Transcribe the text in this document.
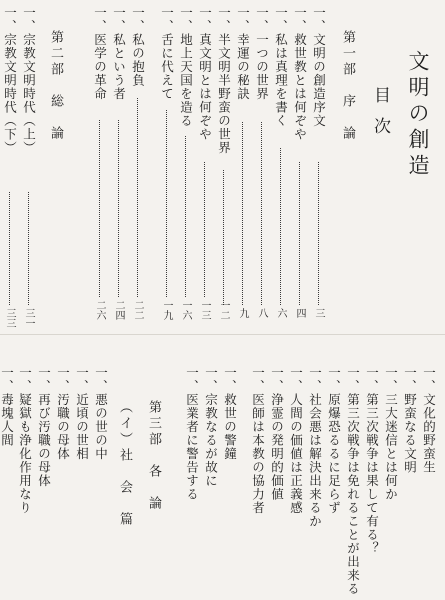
文明の創造
目次
第一部　序　論
第二部　総　論	一、文明の創造序文
三
一、救世教とは何ぞや
四
一、私は真理を書く
六
一、一つの世界
八
一、幸運の秘訣
九
一、半文明半野蛮の世界
一二
一、真文明とは何ぞや
一三
一、地上天国を造る
一六
一、舌に代えて
一九
一、私の抱負
二二
一、私という者
二四
一、医学の革命
二六
一、宗教文明時代（上）
三一
一、宗教文明時代（下）
三三
第三部　各　論
（イ）社　会　篇	一、文化的野蛮生
一、野蛮なる文明
一、三大迷信とは何か
一、第三次戦争は果して有る？
一、第三次戦争は免れることが出来る
一、原爆恐るるに足らず
一、社会悪は解決出来るか
一、人間の価値は正義感
一、浄霊の発明的価値
一、医師は本教の協力者
一、救世の警鐘
一、宗教なるが故に
一、医業者に警告する
一、悪の世の中
一、近頃の世相
一、汚職の母体
一、再び汚職の母体
一、疑獄も浄化作用なり
一、毒塊人間
